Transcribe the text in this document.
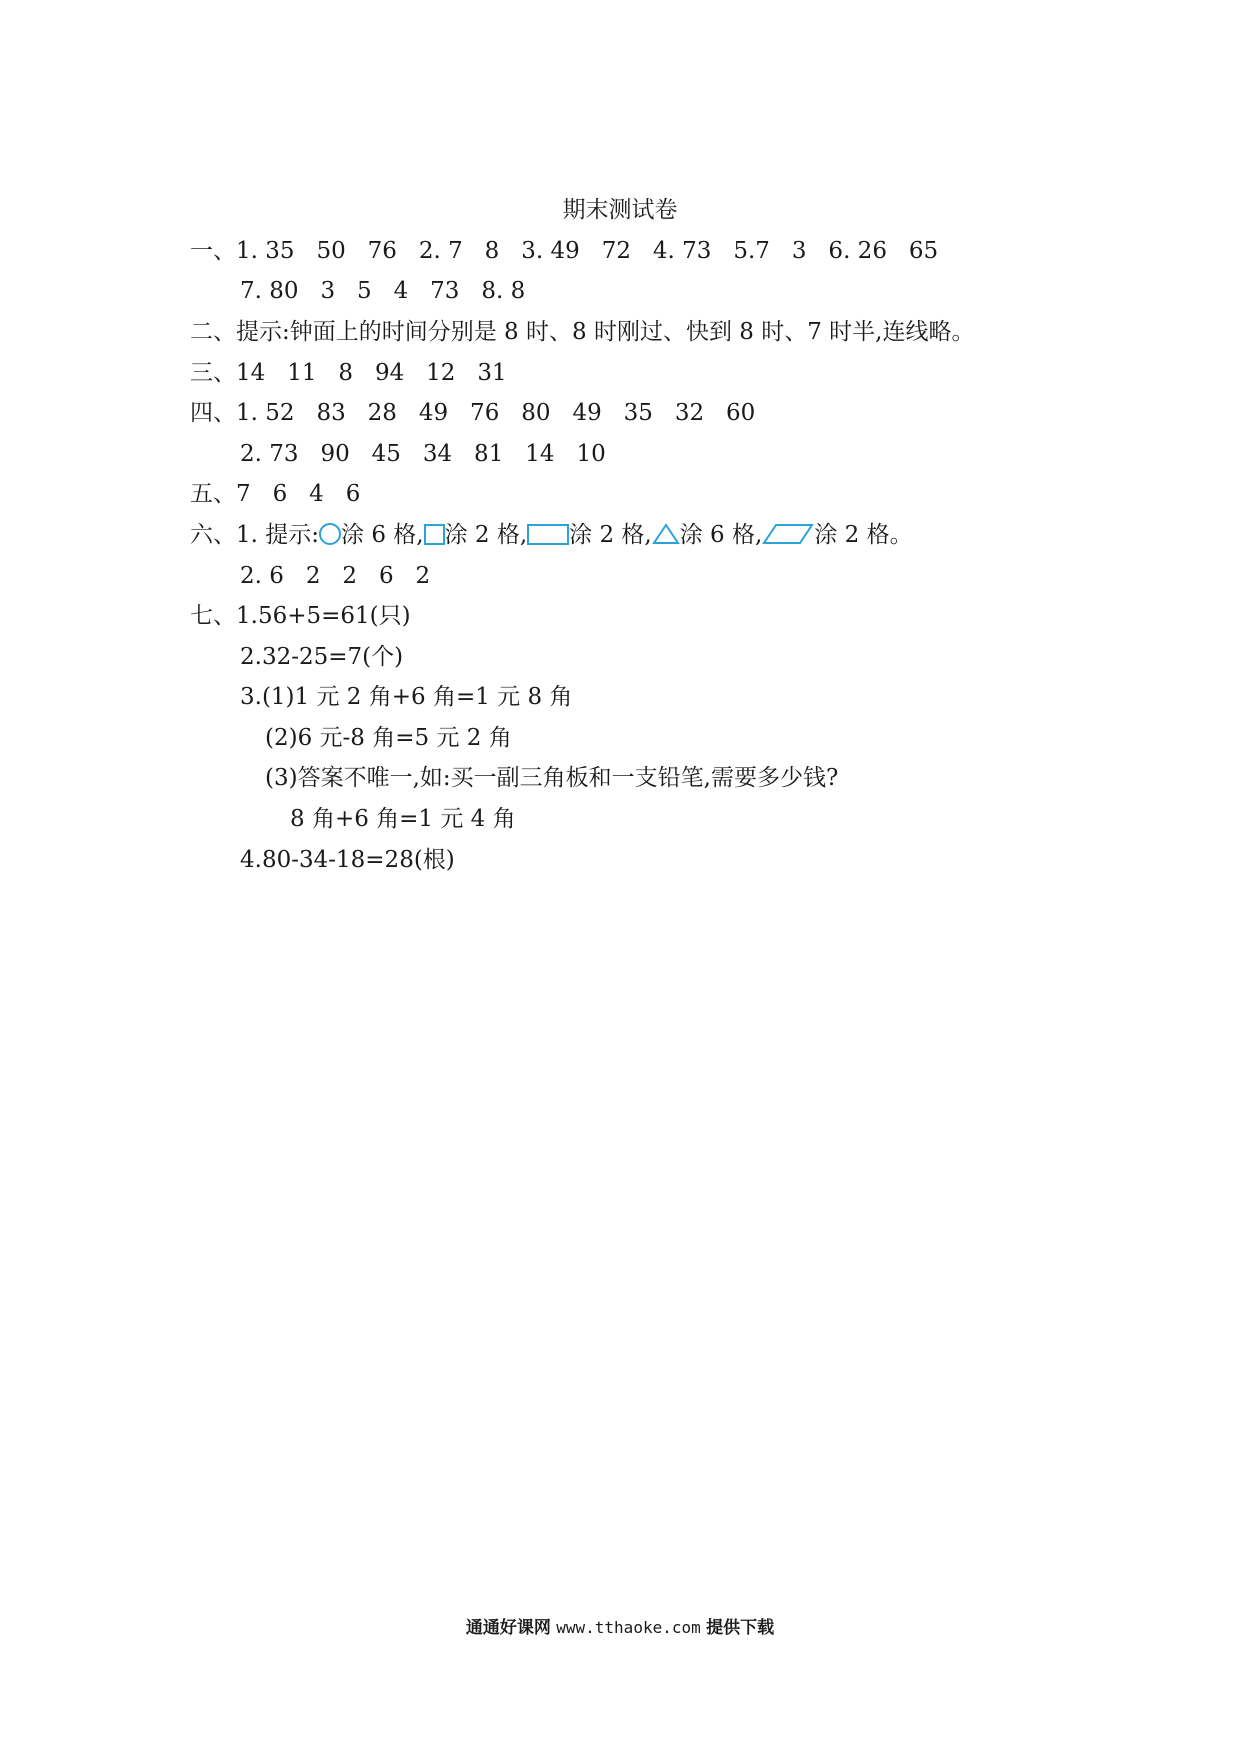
期末测试卷
一、1. 35   50   76   2. 7   8   3. 49   72   4. 73   5.7   3   6. 26   65
7. 80   3   5   4   73   8. 8
二、提示:钟面上的时间分别是 8 时、8 时刚过、快到 8 时、7 时半,连线略。
三、14   11   8   94   12   31
四、1. 52   83   28   49   76   80   49   35   32   60
2. 73   90   45   34   81   14   10
五、7   6   4   6
六、1. 提示: 涂 6 格, 涂 2 格, 涂 2 格, 涂 6 格, 涂 2 格。
2. 6   2   2   6   2
七、1.56+5=61(只)
2.32-25=7(个)
3.(1)1 元 2 角+6 角=1 元 8 角
(2)6 元-8 角=5 元 2 角
(3)答案不唯一,如:买一副三角板和一支铅笔,需要多少钱?
8 角+6 角=1 元 4 角
4.80-34-18=28(根)
通通好课网 www.tthaoke.com 提供下载
